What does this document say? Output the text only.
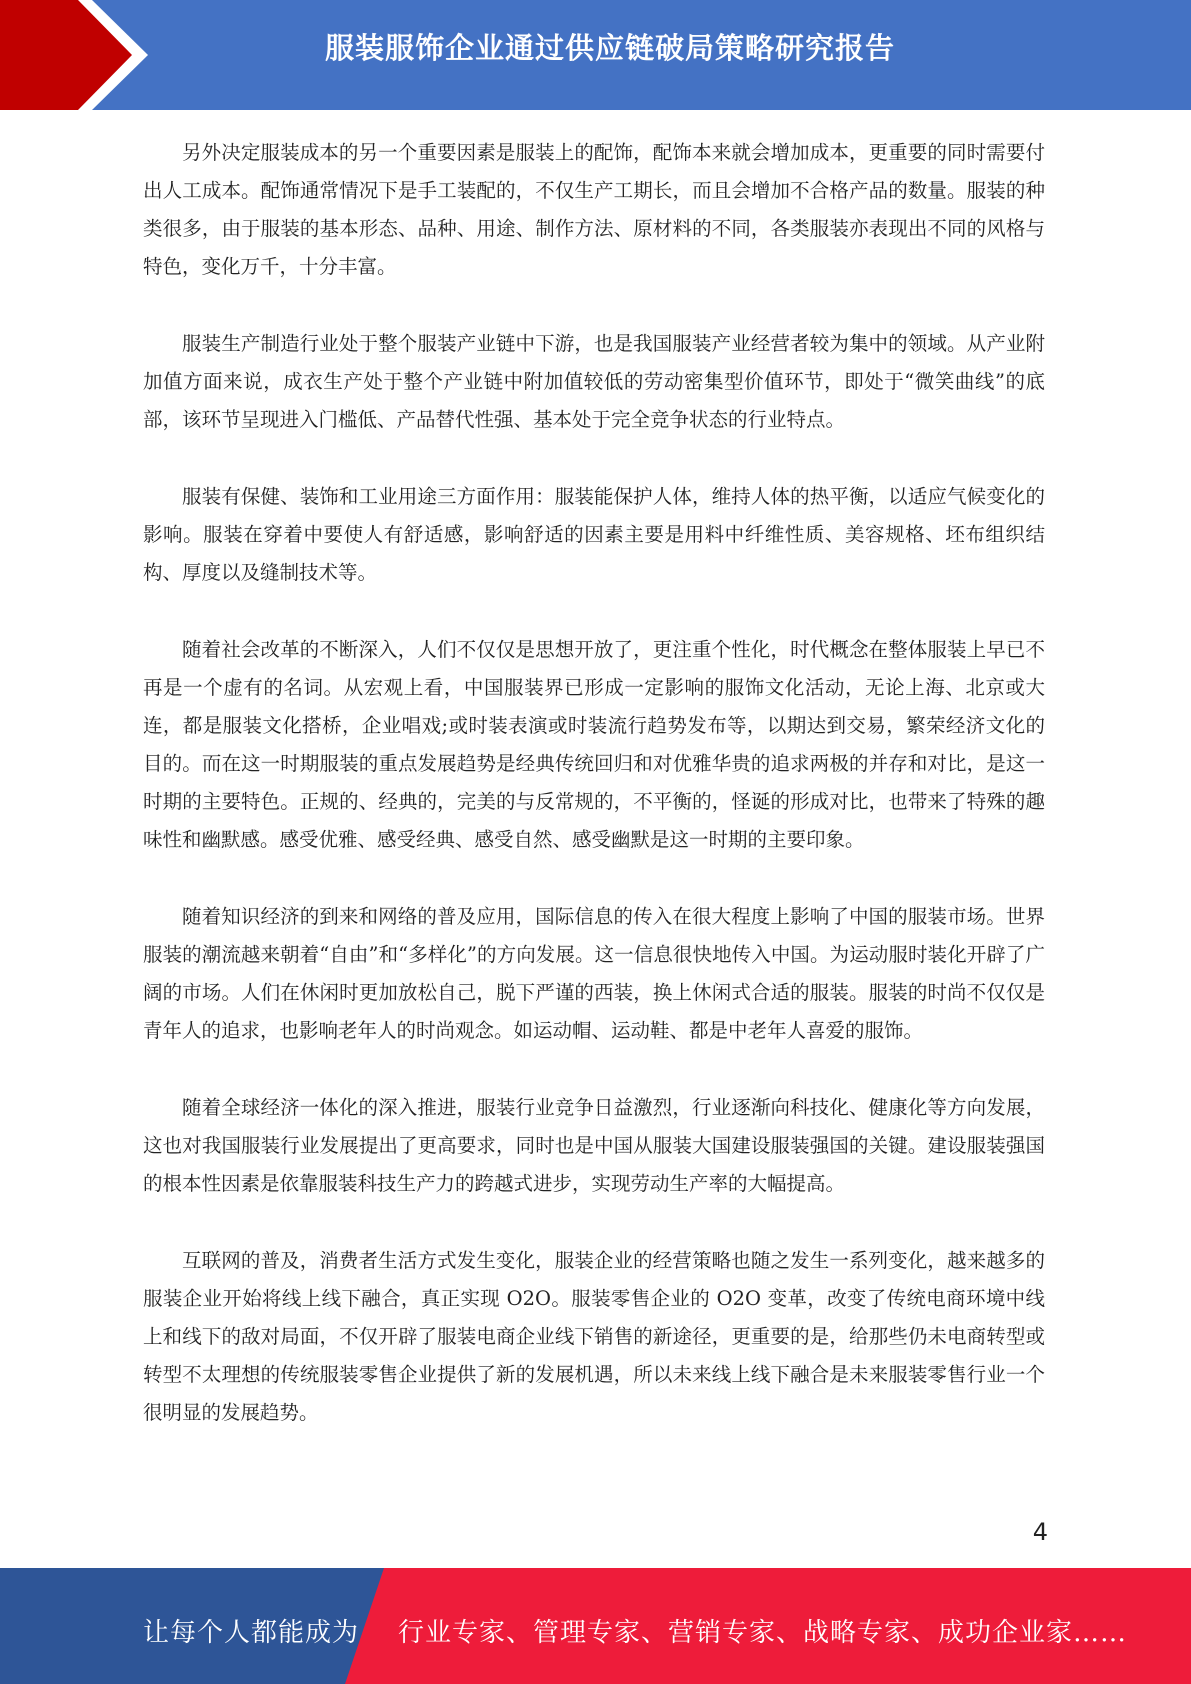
服装服饰企业通过供应链破局策略研究报告

另外决定服装成本的另一个重要因素是服装上的配饰，配饰本来就会增加成本，更重要的同时需要付出人工成本。配饰通常情况下是手工装配的，不仅生产工期长，而且会增加不合格产品的数量。服装的种类很多，由于服装的基本形态、品种、用途、制作方法、原材料的不同，各类服装亦表现出不同的风格与特色，变化万千，十分丰富。

服装生产制造行业处于整个服装产业链中下游，也是我国服装产业经营者较为集中的领域。从产业附加值方面来说，成衣生产处于整个产业链中附加值较低的劳动密集型价值环节，即处于“微笑曲线”的底部，该环节呈现进入门槛低、产品替代性强、基本处于完全竞争状态的行业特点。

服装有保健、装饰和工业用途三方面作用：服装能保护人体，维持人体的热平衡，以适应气候变化的影响。服装在穿着中要使人有舒适感，影响舒适的因素主要是用料中纤维性质、美容规格、坯布组织结构、厚度以及缝制技术等。

随着社会改革的不断深入，人们不仅仅是思想开放了，更注重个性化，时代概念在整体服装上早已不再是一个虚有的名词。从宏观上看，中国服装界已形成一定影响的服饰文化活动，无论上海、北京或大连，都是服装文化搭桥，企业唱戏;或时装表演或时装流行趋势发布等，以期达到交易，繁荣经济文化的目的。而在这一时期服装的重点发展趋势是经典传统回归和对优雅华贵的追求两极的并存和对比，是这一时期的主要特色。正规的、经典的，完美的与反常规的，不平衡的，怪诞的形成对比，也带来了特殊的趣味性和幽默感。感受优雅、感受经典、感受自然、感受幽默是这一时期的主要印象。

随着知识经济的到来和网络的普及应用，国际信息的传入在很大程度上影响了中国的服装市场。世界服装的潮流越来朝着“自由”和“多样化”的方向发展。这一信息很快地传入中国。为运动服时装化开辟了广阔的市场。人们在休闲时更加放松自己，脱下严谨的西装，换上休闲式合适的服装。服装的时尚不仅仅是青年人的追求，也影响老年人的时尚观念。如运动帽、运动鞋、都是中老年人喜爱的服饰。

随着全球经济一体化的深入推进，服装行业竞争日益激烈，行业逐渐向科技化、健康化等方向发展，这也对我国服装行业发展提出了更高要求，同时也是中国从服装大国建设服装强国的关键。建设服装强国的根本性因素是依靠服装科技生产力的跨越式进步，实现劳动生产率的大幅提高。

互联网的普及，消费者生活方式发生变化，服装企业的经营策略也随之发生一系列变化，越来越多的服装企业开始将线上线下融合，真正实现 O2O。服装零售企业的 O2O 变革，改变了传统电商环境中线上和线下的敌对局面，不仅开辟了服装电商企业线下销售的新途径，更重要的是，给那些仍未电商转型或转型不太理想的传统服装零售企业提供了新的发展机遇，所以未来线上线下融合是未来服装零售行业一个很明显的发展趋势。

4
让每个人都能成为 行业专家、管理专家、营销专家、战略专家、成功企业家……
